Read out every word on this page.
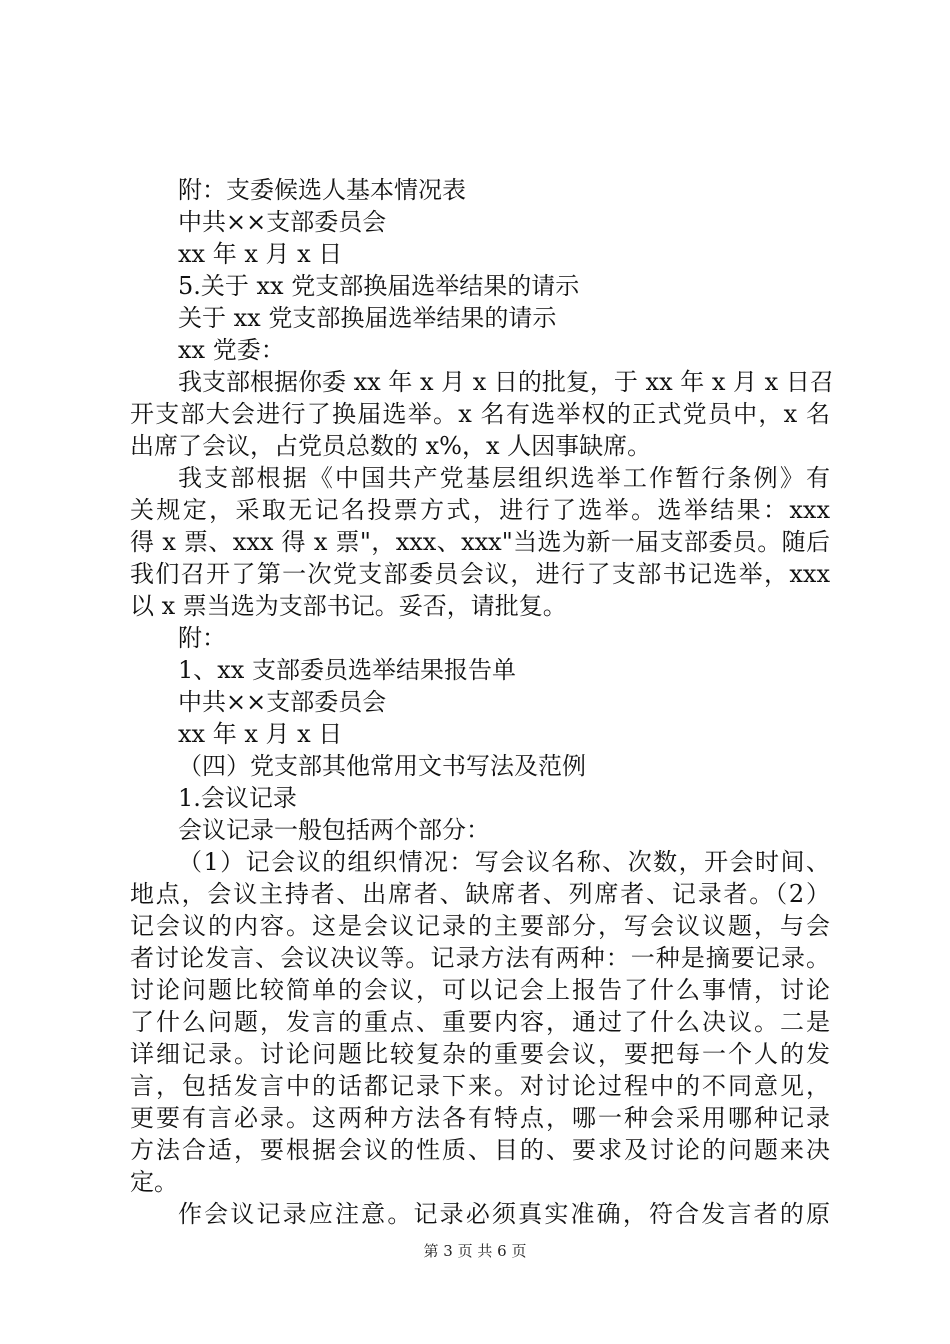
附：支委候选人基本情况表
中共××支部委员会
xx 年 x 月 x 日
5.关于 xx 党支部换届选举结果的请示
关于 xx 党支部换届选举结果的请示
xx 党委：
我支部根据你委 xx 年 x 月 x 日的批复，于 xx 年 x 月 x 日召
开支部大会进行了换届选举。x 名有选举权的正式党员中，x 名
出席了会议，占党员总数的 x%，x 人因事缺席。
我支部根据《中国共产党基层组织选举工作暂行条例》有
关规定，采取无记名投票方式，进行了选举。选举结果：xxx
得 x 票、xxx 得 x 票"，xxx、xxx"当选为新一届支部委员。随后
我们召开了第一次党支部委员会议，进行了支部书记选举，xxx
以 x 票当选为支部书记。妥否，请批复。
附：
1、xx 支部委员选举结果报告单
中共××支部委员会
xx 年 x 月 x 日
（四）党支部其他常用文书写法及范例
1.会议记录
会议记录一般包括两个部分：
（1）记会议的组织情况：写会议名称、次数，开会时间、
地点，会议主持者、出席者、缺席者、列席者、记录者。（2）
记会议的内容。这是会议记录的主要部分，写会议议题，与会
者讨论发言、会议决议等。记录方法有两种：一种是摘要记录。
讨论问题比较简单的会议，可以记会上报告了什么事情，讨论
了什么问题，发言的重点、重要内容，通过了什么决议。二是
详细记录。讨论问题比较复杂的重要会议，要把每一个人的发
言，包括发言中的话都记录下来。对讨论过程中的不同意见，
更要有言必录。这两种方法各有特点，哪一种会采用哪种记录
方法合适，要根据会议的性质、目的、要求及讨论的问题来决
定。
作会议记录应注意。记录必须真实准确，符合发言者的原
第 3 页 共 6 页
